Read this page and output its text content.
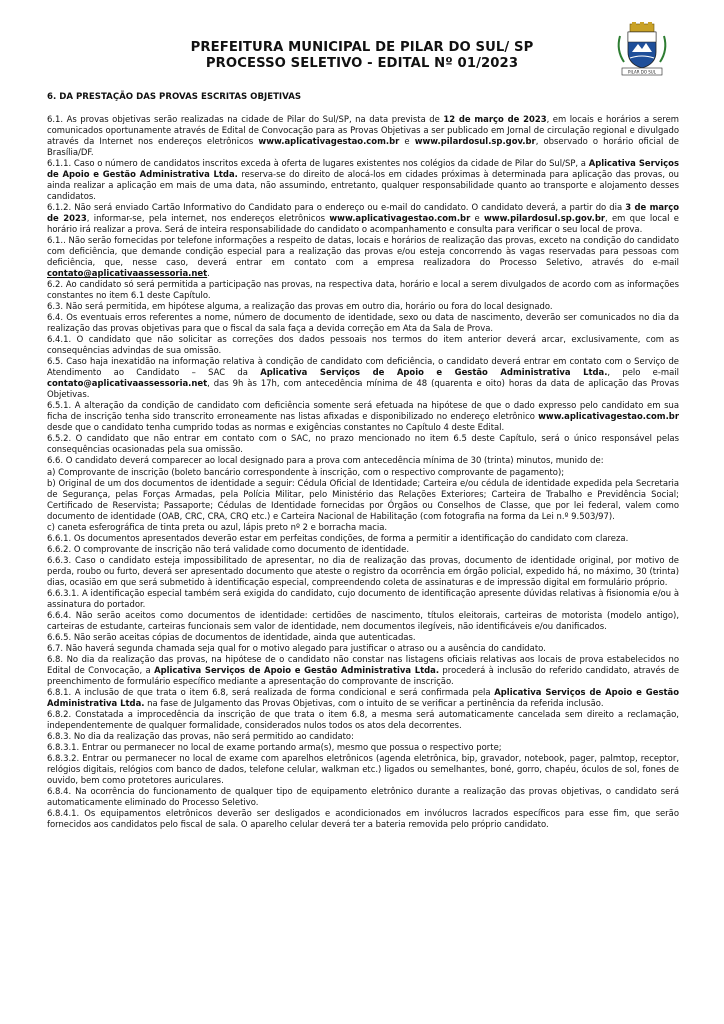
PREFEITURA MUNICIPAL DE PILAR DO SUL/ SP
PROCESSO SELETIVO - EDITAL Nº 01/2023
PILAR DO SUL
6. DA PRESTAÇÃO DAS PROVAS ESCRITAS OBJETIVAS

6.1. As provas objetivas serão realizadas na cidade de Pilar do Sul/SP, na data prevista de 12 de março de 2023, em locais e horários a serem comunicados oportunamente através de Edital de Convocação para as Provas Objetivas a ser publicado em Jornal de circulação regional e divulgado através da Internet nos endereços eletrônicos www.aplicativagestao.com.br e www.pilardosul.sp.gov.br, observado o horário oficial de Brasília/DF.

6.1.1. Caso o número de candidatos inscritos exceda à oferta de lugares existentes nos colégios da cidade de Pilar do Sul/SP, a Aplicativa Serviços de Apoio e Gestão Administrativa Ltda. reserva-se do direito de alocá-los em cidades próximas à determinada para aplicação das provas, ou ainda realizar a aplicação em mais de uma data, não assumindo, entretanto, qualquer responsabilidade quanto ao transporte e alojamento desses candidatos.

6.1.2. Não será enviado Cartão Informativo do Candidato para o endereço ou e-mail do candidato. O candidato deverá, a partir do dia 3 de março de 2023, informar-se, pela internet, nos endereços eletrônicos www.aplicativagestao.com.br e www.pilardosul.sp.gov.br, em que local e horário irá realizar a prova. Será de inteira responsabilidade do candidato o acompanhamento e consulta para verificar o seu local de prova.

6.1.. Não serão fornecidas por telefone informações a respeito de datas, locais e horários de realização das provas, exceto na condição do candidato com deficiência, que demande condição especial para a realização das provas e/ou esteja concorrendo às vagas reservadas para pessoas com deficiência, que, nesse caso, deverá entrar em contato com a empresa realizadora do Processo Seletivo, através do e-mail contato@aplicativaassessoria.net.

6.2. Ao candidato só será permitida a participação nas provas, na respectiva data, horário e local a serem divulgados de acordo com as informações constantes no item 6.1 deste Capítulo.

6.3. Não será permitida, em hipótese alguma, a realização das provas em outro dia, horário ou fora do local designado.

6.4. Os eventuais erros referentes a nome, número de documento de identidade, sexo ou data de nascimento, deverão ser comunicados no dia da realização das provas objetivas para que o fiscal da sala faça a devida correção em Ata da Sala de Prova.

6.4.1. O candidato que não solicitar as correções dos dados pessoais nos termos do item anterior deverá arcar, exclusivamente, com as consequências advindas de sua omissão.

6.5. Caso haja inexatidão na informação relativa à condição de candidato com deficiência, o candidato deverá entrar em contato com o Serviço de Atendimento ao Candidato – SAC da Aplicativa Serviços de Apoio e Gestão Administrativa Ltda., pelo e-mail contato@aplicativaassessoria.net, das 9h às 17h, com antecedência mínima de 48 (quarenta e oito) horas da data de aplicação das Provas Objetivas.

6.5.1. A alteração da condição de candidato com deficiência somente será efetuada na hipótese de que o dado expresso pelo candidato em sua ficha de inscrição tenha sido transcrito erroneamente nas listas afixadas e disponibilizado no endereço eletrônico www.aplicativagestao.com.br desde que o candidato tenha cumprido todas as normas e exigências constantes no Capítulo 4 deste Edital.

6.5.2. O candidato que não entrar em contato com o SAC, no prazo mencionado no item 6.5 deste Capítulo, será o único responsável pelas consequências ocasionadas pela sua omissão.

6.6. O candidato deverá comparecer ao local designado para a prova com antecedência mínima de 30 (trinta) minutos, munido de:

a) Comprovante de inscrição (boleto bancário correspondente à inscrição, com o respectivo comprovante de pagamento);

b) Original de um dos documentos de identidade a seguir: Cédula Oficial de Identidade; Carteira e/ou cédula de identidade expedida pela Secretaria de Segurança, pelas Forças Armadas, pela Polícia Militar, pelo Ministério das Relações Exteriores; Carteira de Trabalho e Previdência Social; Certificado de Reservista; Passaporte; Cédulas de Identidade fornecidas por Órgãos ou Conselhos de Classe, que por lei federal, valem como documento de identidade (OAB, CRC, CRA, CRQ etc.) e Carteira Nacional de Habilitação (com fotografia na forma da Lei n.º 9.503/97).

c) caneta esferográfica de tinta preta ou azul, lápis preto nº 2 e borracha macia.

6.6.1. Os documentos apresentados deverão estar em perfeitas condições, de forma a permitir a identificação do candidato com clareza.

6.6.2. O comprovante de inscrição não terá validade como documento de identidade.

6.6.3. Caso o candidato esteja impossibilitado de apresentar, no dia de realização das provas, documento de identidade original, por motivo de perda, roubo ou furto, deverá ser apresentado documento que ateste o registro da ocorrência em órgão policial, expedido há, no máximo, 30 (trinta) dias, ocasião em que será submetido à identificação especial, compreendendo coleta de assinaturas e de impressão digital em formulário próprio.

6.6.3.1. A identificação especial também será exigida do candidato, cujo documento de identificação apresente dúvidas relativas à fisionomia e/ou à assinatura do portador.

6.6.4. Não serão aceitos como documentos de identidade: certidões de nascimento, títulos eleitorais, carteiras de motorista (modelo antigo), carteiras de estudante, carteiras funcionais sem valor de identidade, nem documentos ilegíveis, não identificáveis e/ou danificados.

6.6.5. Não serão aceitas cópias de documentos de identidade, ainda que autenticadas.

6.7. Não haverá segunda chamada seja qual for o motivo alegado para justificar o atraso ou a ausência do candidato.

6.8. No dia da realização das provas, na hipótese de o candidato não constar nas listagens oficiais relativas aos locais de prova estabelecidos no Edital de Convocação, a Aplicativa Serviços de Apoio e Gestão Administrativa Ltda. procederá à inclusão do referido candidato, através de preenchimento de formulário específico mediante a apresentação do comprovante de inscrição.

6.8.1. A inclusão de que trata o item 6.8, será realizada de forma condicional e será confirmada pela Aplicativa Serviços de Apoio e Gestão Administrativa Ltda. na fase de Julgamento das Provas Objetivas, com o intuito de se verificar a pertinência da referida inclusão.

6.8.2. Constatada a improcedência da inscrição de que trata o item 6.8, a mesma será automaticamente cancelada sem direito a reclamação, independentemente de qualquer formalidade, considerados nulos todos os atos dela decorrentes.

6.8.3. No dia da realização das provas, não será permitido ao candidato:

6.8.3.1. Entrar ou permanecer no local de exame portando arma(s), mesmo que possua o respectivo porte;

6.8.3.2. Entrar ou permanecer no local de exame com aparelhos eletrônicos (agenda eletrônica, bip, gravador, notebook, pager, palmtop, receptor, relógios digitais, relógios com banco de dados, telefone celular, walkman etc.) ligados ou semelhantes, boné, gorro, chapéu, óculos de sol, fones de ouvido, bem como protetores auriculares.

6.8.4. Na ocorrência do funcionamento de qualquer tipo de equipamento eletrônico durante a realização das provas objetivas, o candidato será automaticamente eliminado do Processo Seletivo.

6.8.4.1. Os equipamentos eletrônicos deverão ser desligados e acondicionados em invólucros lacrados específicos para esse fim, que serão fornecidos aos candidatos pelo fiscal de sala. O aparelho celular deverá ter a bateria removida pelo próprio candidato.
